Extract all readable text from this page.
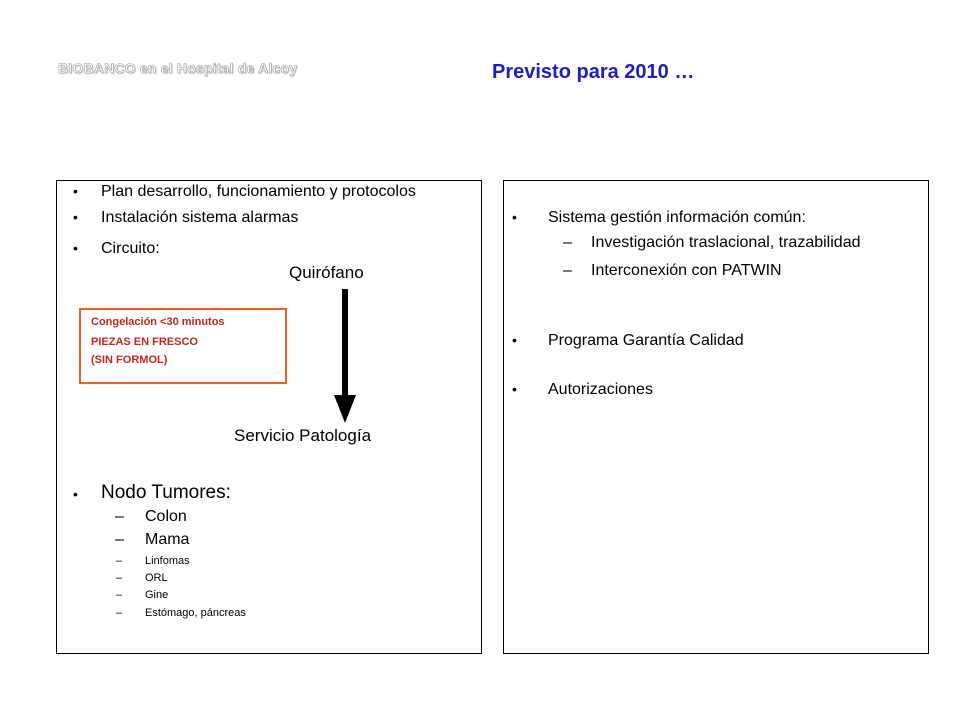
BIOBANCO en el Hospital de Alcoy	Previsto para 2010 …
• Plan desarrollo, funcionamiento y protocolos
• Instalación sistema alarmas
• Circuito:
Quirófano
Congelación <30 minutos
PIEZAS EN FRESCO
(SIN FORMOL)
Servicio Patología
• Nodo Tumores:
– Colon
– Mama
– Linfomas
– ORL
– Gine
– Estómago, páncreas
• Sistema gestión información común:
– Investigación traslacional, trazabilidad
– Interconexión con PATWIN
• Programa Garantía Calidad
• Autorizaciones
